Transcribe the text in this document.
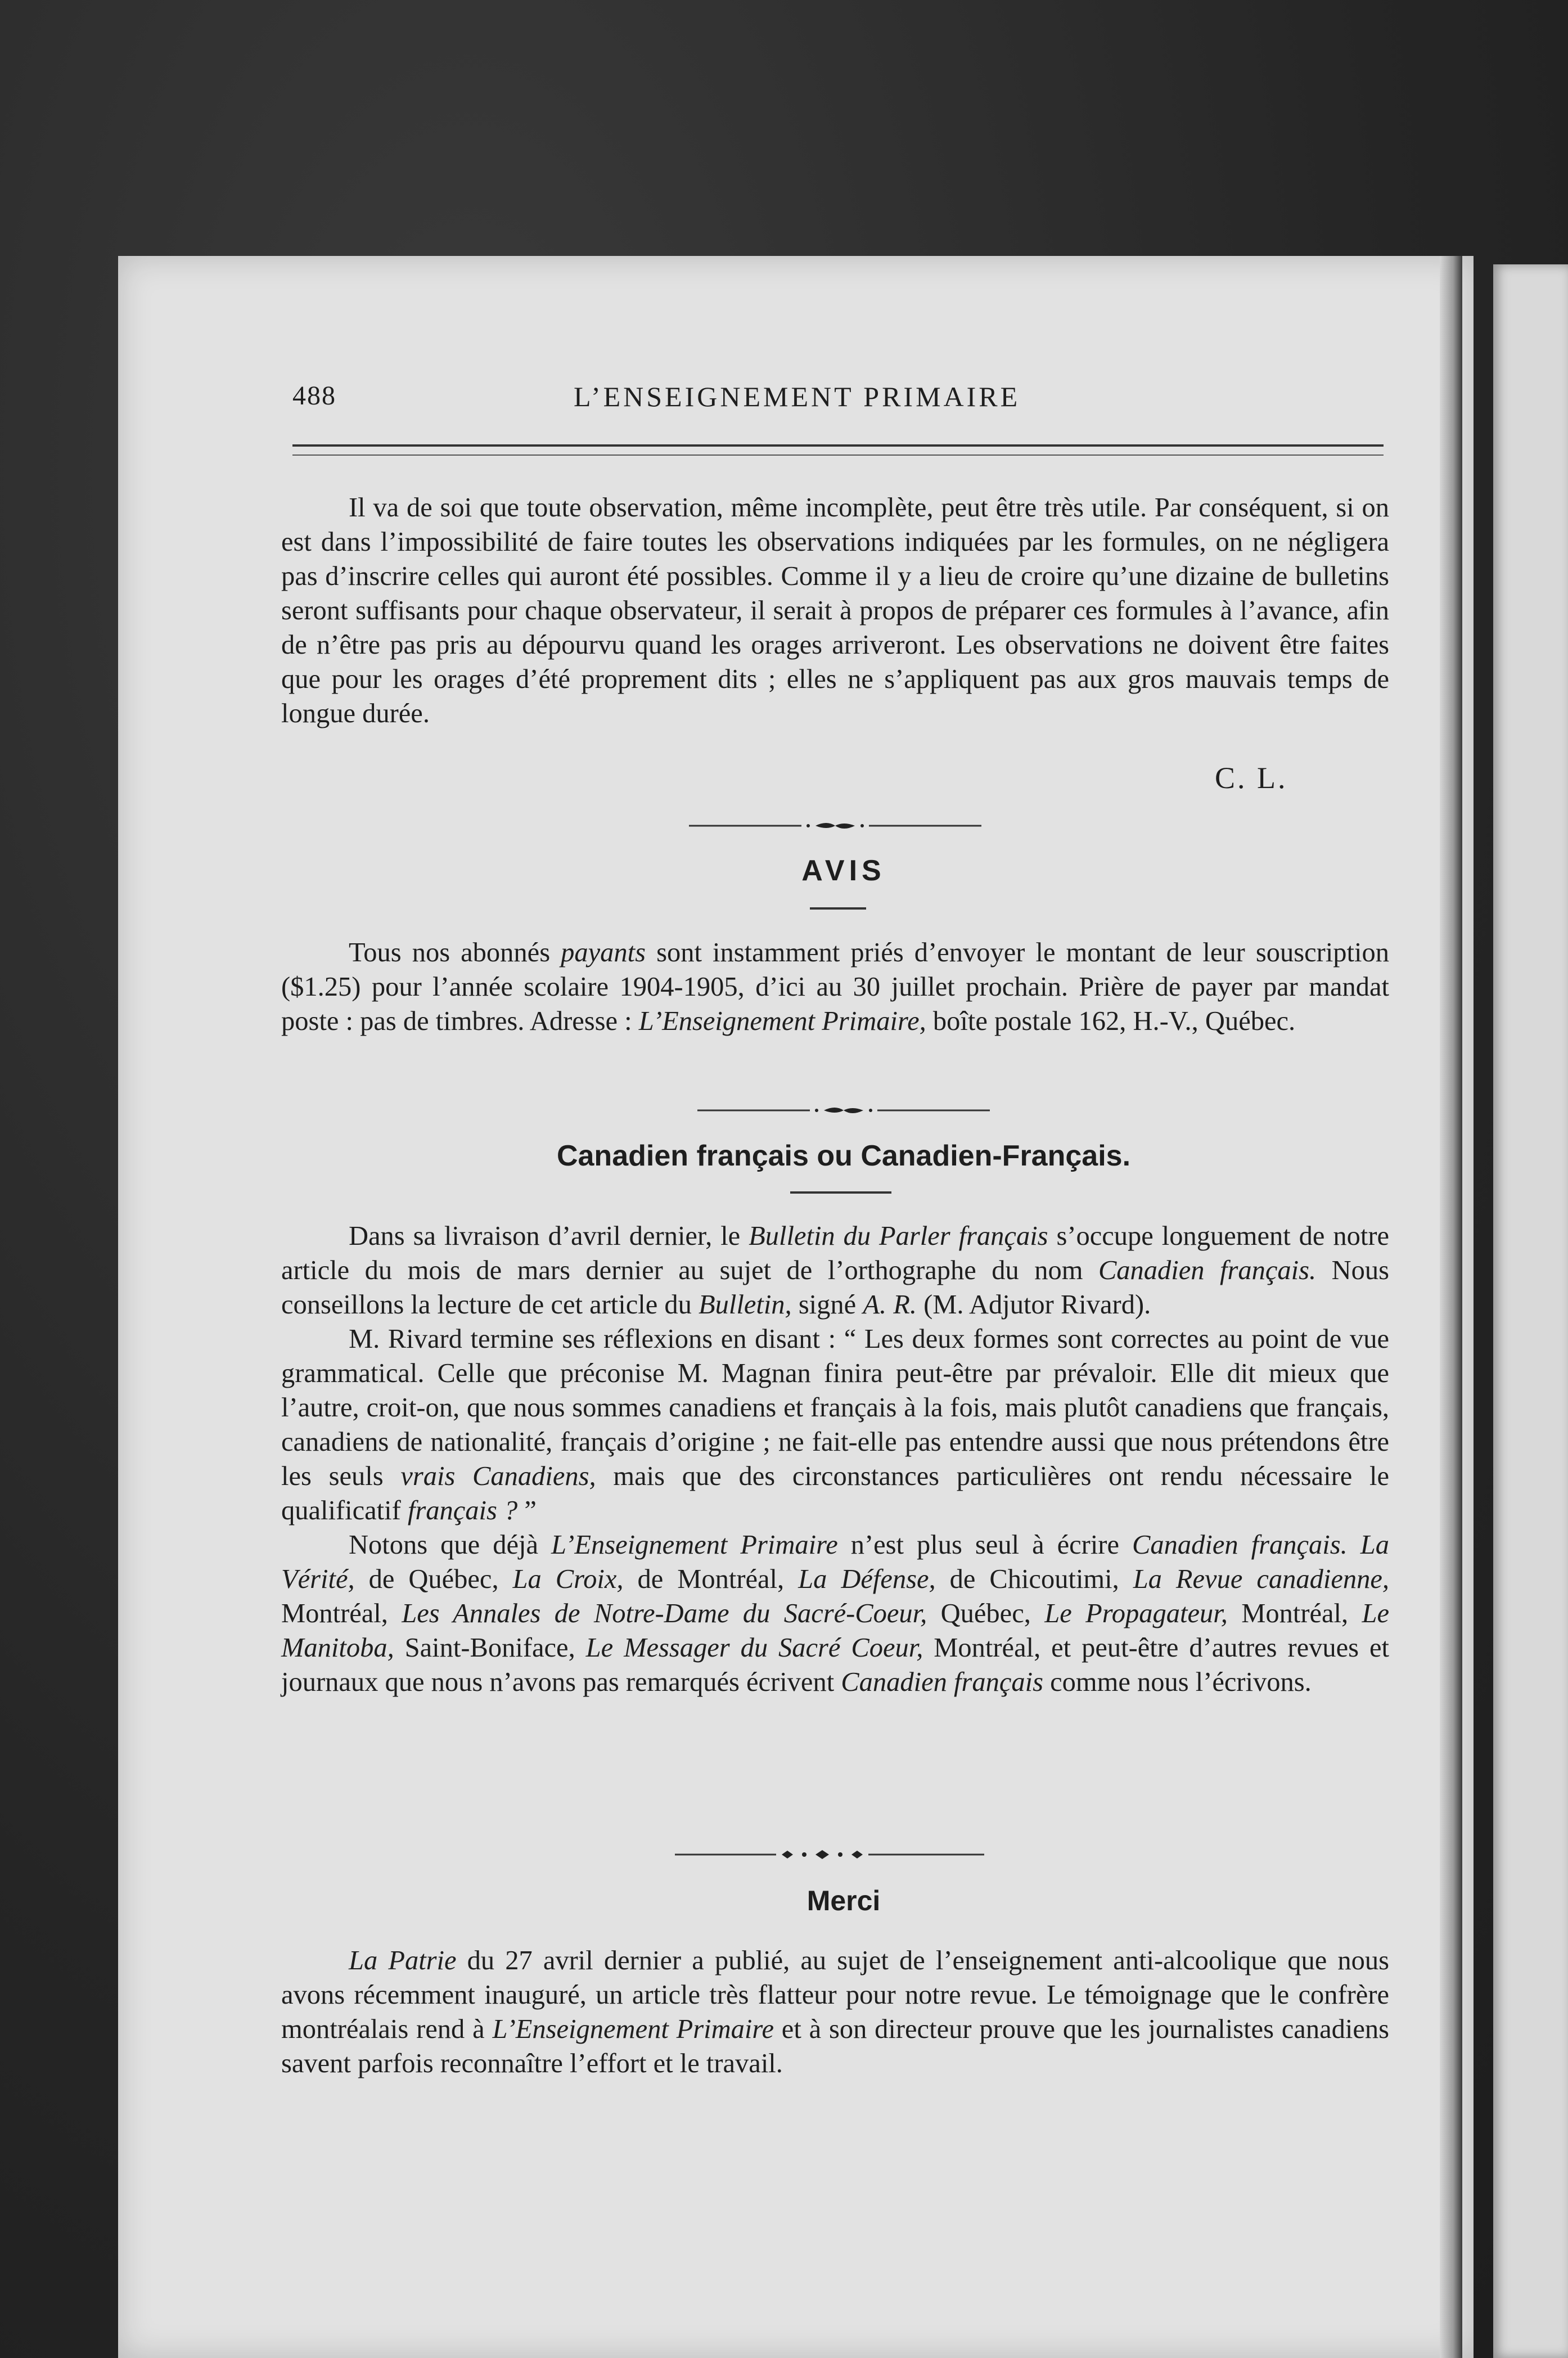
488	L’ENSEIGNEMENT PRIMAIRE

Il va de soi que toute observation, même incomplète, peut être très utile. Par conséquent, si on est dans l’impossibilité de faire toutes les observations indiquées par les formules, on ne négligera pas d’inscrire celles qui auront été possibles. Comme il y a lieu de croire qu’une dizaine de bulletins seront suffisants pour chaque observateur, il serait à propos de préparer ces formules à l’avance, afin de n’être pas pris au dépourvu quand les orages arriveront. Les observations ne doivent être faites que pour les orages d’été proprement dits ; elles ne s’appliquent pas aux gros mauvais temps de longue durée.

C. L.
AVIS

Tous nos abonnés payants sont instamment priés d’envoyer le montant de leur souscription ($1.25) pour l’année scolaire 1904-1905, d’ici au 30 juillet prochain. Prière de payer par mandat poste : pas de timbres. Adresse : L’Enseignement Primaire, boîte postale 162, H.-V., Québec.

Canadien français ou Canadien-Français.

Dans sa livraison d’avril dernier, le Bulletin du Parler français s’occupe longuement de notre article du mois de mars dernier au sujet de l’orthographe du nom Canadien français. Nous conseillons la lecture de cet article du Bulletin, signé A. R. (M. Adjutor Rivard).

M. Rivard termine ses réflexions en disant : “ Les deux formes sont correctes au point de vue grammatical. Celle que préconise M. Magnan finira peut-être par prévaloir. Elle dit mieux que l’autre, croit-on, que nous sommes canadiens et français à la fois, mais plutôt canadiens que français, canadiens de nationalité, français d’origine ; ne fait-elle pas entendre aussi que nous prétendons être les seuls vrais Canadiens, mais que des circonstances particulières ont rendu nécessaire le qualificatif français ? ”

Notons que déjà L’Enseignement Primaire n’est plus seul à écrire Canadien français. La Vérité, de Québec, La Croix, de Montréal, La Défense, de Chicoutimi, La Revue canadienne, Montréal, Les Annales de Notre-Dame du Sacré-Coeur, Québec, Le Propagateur, Montréal, Le Manitoba, Saint-Boniface, Le Messager du Sacré Coeur, Montréal, et peut-être d’autres revues et journaux que nous n’avons pas remarqués écrivent Canadien français comme nous l’écrivons.

Merci

La Patrie du 27 avril dernier a publié, au sujet de l’enseignement anti-alcoolique que nous avons récemment inauguré, un article très flatteur pour notre revue. Le témoignage que le confrère montréalais rend à L’Enseignement Primaire et à son directeur prouve que les journalistes canadiens savent parfois reconnaître l’effort et le travail.
